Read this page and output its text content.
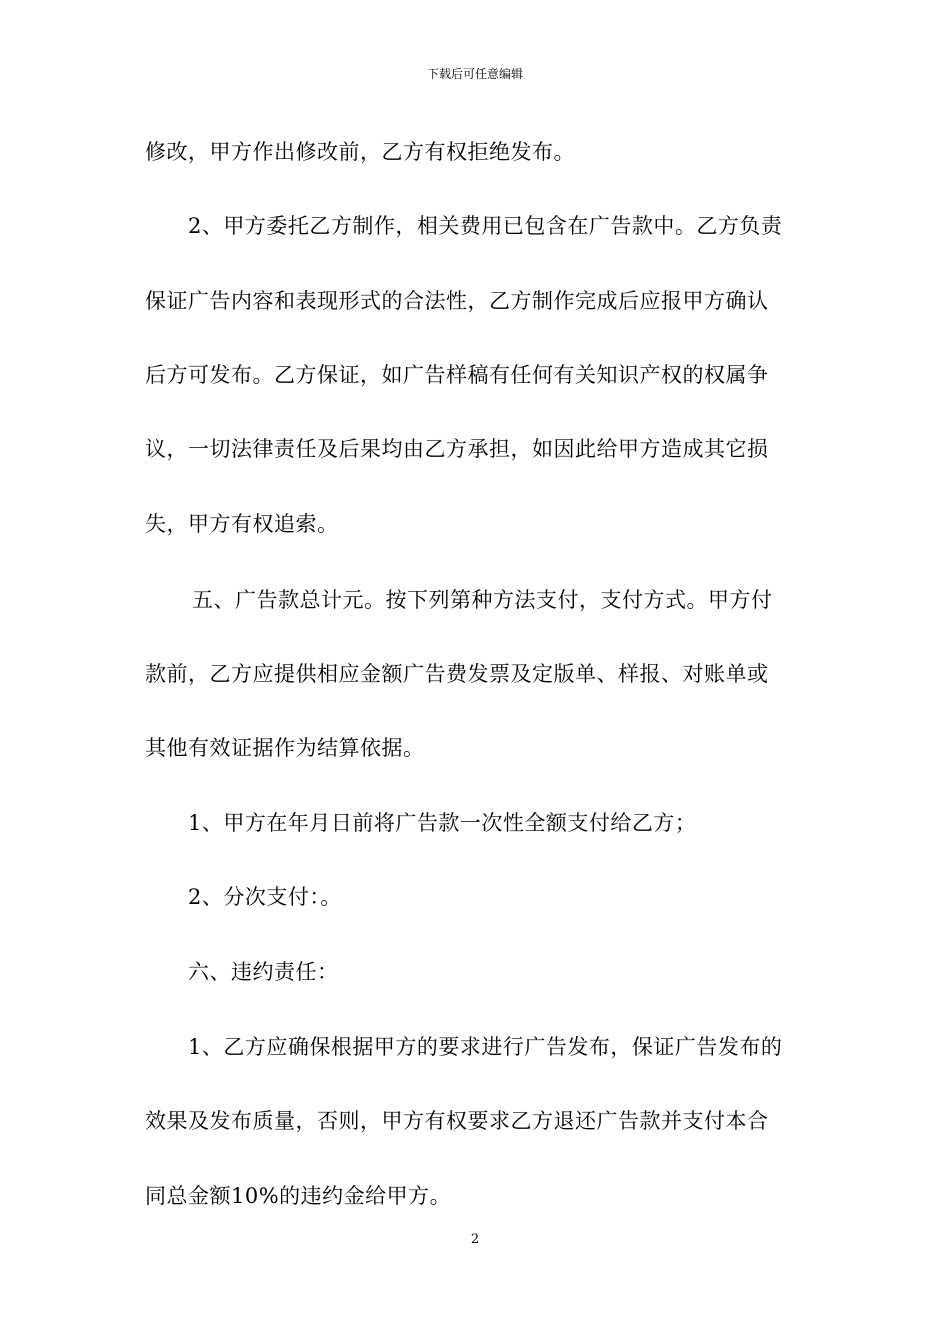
下载后可任意编辑
修改，甲方作出修改前，乙方有权拒绝发布。
2、甲方委托乙方制作，相关费用已包含在广告款中。乙方负责
保证广告内容和表现形式的合法性，乙方制作完成后应报甲方确认
后方可发布。乙方保证，如广告样稿有任何有关知识产权的权属争
议，一切法律责任及后果均由乙方承担，如因此给甲方造成其它损
失，甲方有权追索。
五、广告款总计元。按下列第种方法支付，支付方式。甲方付
款前，乙方应提供相应金额广告费发票及定版单、样报、对账单或
其他有效证据作为结算依据。
1、甲方在年月日前将广告款一次性全额支付给乙方；
2、分次支付：。
六、违约责任：
1、乙方应确保根据甲方的要求进行广告发布，保证广告发布的
效果及发布质量，否则，甲方有权要求乙方退还广告款并支付本合
同总金额10%的违约金给甲方。
2
